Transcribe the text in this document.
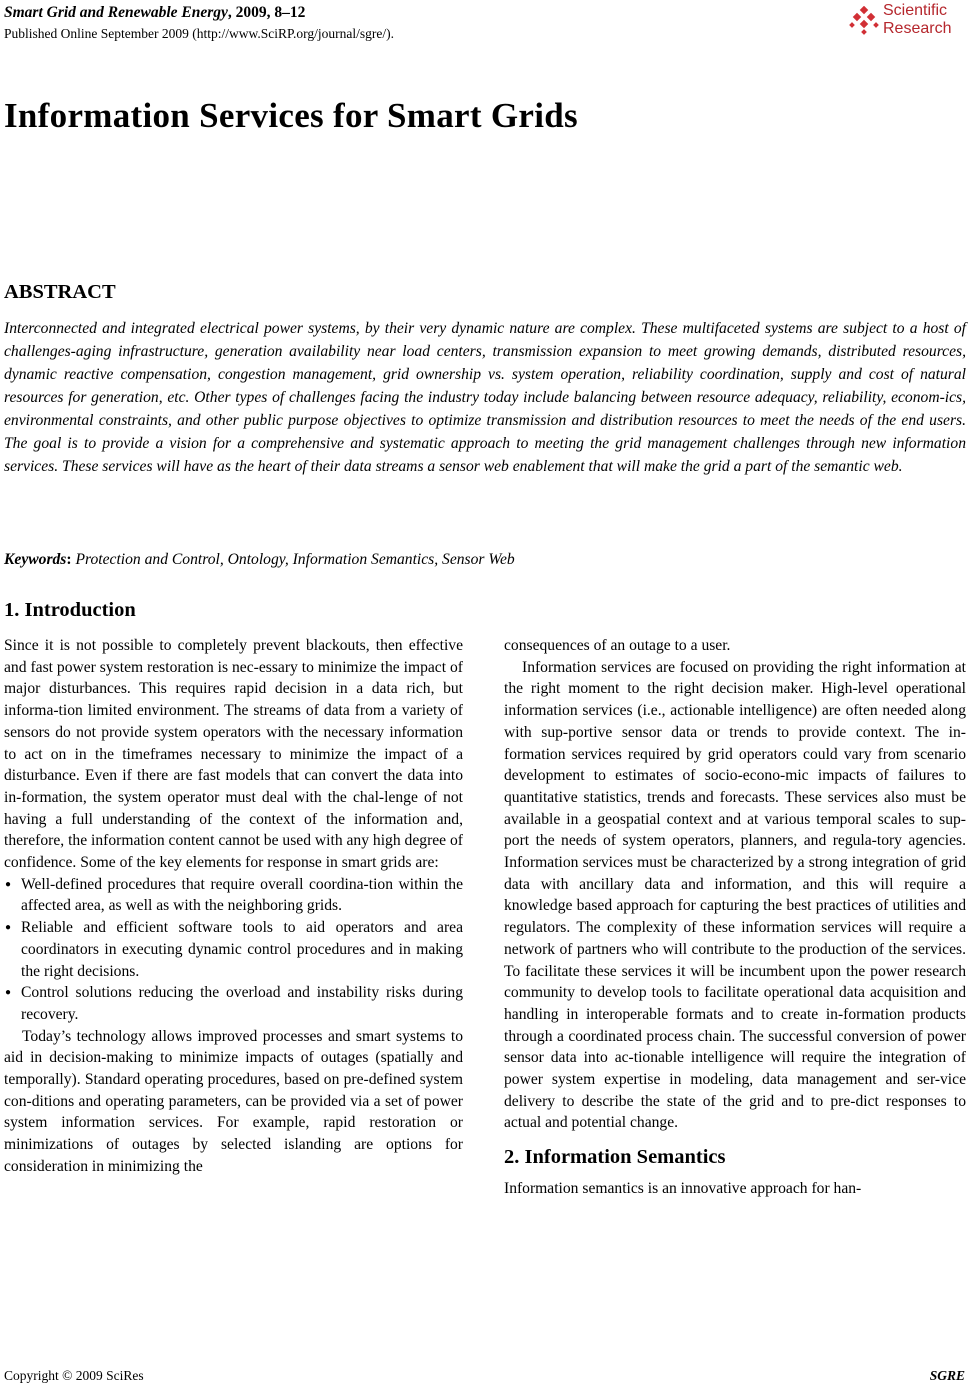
Smart Grid and Renewable Energy, 2009, 8–12
Published Online September 2009 (http://www.SciRP.org/journal/sgre/).
Scientific
Research
Information Services for Smart Grids
ABSTRACT
Interconnected and integrated electrical power systems, by their very dynamic nature are complex. These multifaceted systems are subject to a host of challenges-aging infrastructure, generation availability near load centers, transmission expansion to meet growing demands, distributed resources, dynamic reactive compensation, congestion management, grid ownership vs. system operation, reliability coordination, supply and cost of natural resources for generation, etc. Other types of challenges facing the industry today include balancing between resource adequacy, reliability, econom-ics, environmental constraints, and other public purpose objectives to optimize transmission and distribution resources to meet the needs of the end users. The goal is to provide a vision for a comprehensive and systematic approach to meeting the grid management challenges through new information services. These services will have as the heart of their data streams a sensor web enablement that will make the grid a part of the semantic web.
Keywords: Protection and Control, Ontology, Information Semantics, Sensor Web
1. Introduction

Since it is not possible to completely prevent blackouts, then effective and fast power system restoration is nec-essary to minimize the impact of major disturbances. This requires rapid decision in a data rich, but informa-tion limited environment. The streams of data from a variety of sensors do not provide system operators with the necessary information to act on in the timeframes necessary to minimize the impact of a disturbance. Even if there are fast models that can convert the data into in-formation, the system operator must deal with the chal-lenge of not having a full understanding of the context of the information and, therefore, the information content cannot be used with any high degree of confidence. Some of the key elements for response in smart grids are:

● Well-defined procedures that require overall coordina-tion within the affected area, as well as with the neighboring grids.
● Reliable and efficient software tools to aid operators and area coordinators in executing dynamic control procedures and in making the right decisions.
● Control solutions reducing the overload and instability risks during recovery.

Today’s technology allows improved processes and smart systems to aid in decision-making to minimize impacts of outages (spatially and temporally). Standard operating procedures, based on pre-defined system con-ditions and operating parameters, can be provided via a set of power system information services. For example, rapid restoration or minimizations of outages by selected islanding are options for consideration in minimizing the

consequences of an outage to a user.

Information services are focused on providing the right information at the right moment to the right decision maker. High-level operational information services (i.e., actionable intelligence) are often needed along with sup-portive sensor data or trends to provide context. The in-formation services required by grid operators could vary from scenario development to estimates of socio-econo-mic impacts of failures to quantitative statistics, trends and forecasts. These services also must be available in a geospatial context and at various temporal scales to sup-port the needs of system operators, planners, and regula-tory agencies. Information services must be characterized by a strong integration of grid data with ancillary data and information, and this will require a knowledge based approach for capturing the best practices of utilities and regulators. The complexity of these information services will require a network of partners who will contribute to the production of the services. To facilitate these services it will be incumbent upon the power research community to develop tools to facilitate operational data acquisition and handling in interoperable formats and to create in-formation products through a coordinated process chain. The successful conversion of power sensor data into ac-tionable intelligence will require the integration of power system expertise in modeling, data management and ser-vice delivery to describe the state of the grid and to pre-dict responses to actual and potential change.

2. Information Semantics

Information semantics is an innovative approach for han-

Copyright © 2009 SciRes	SGRE
